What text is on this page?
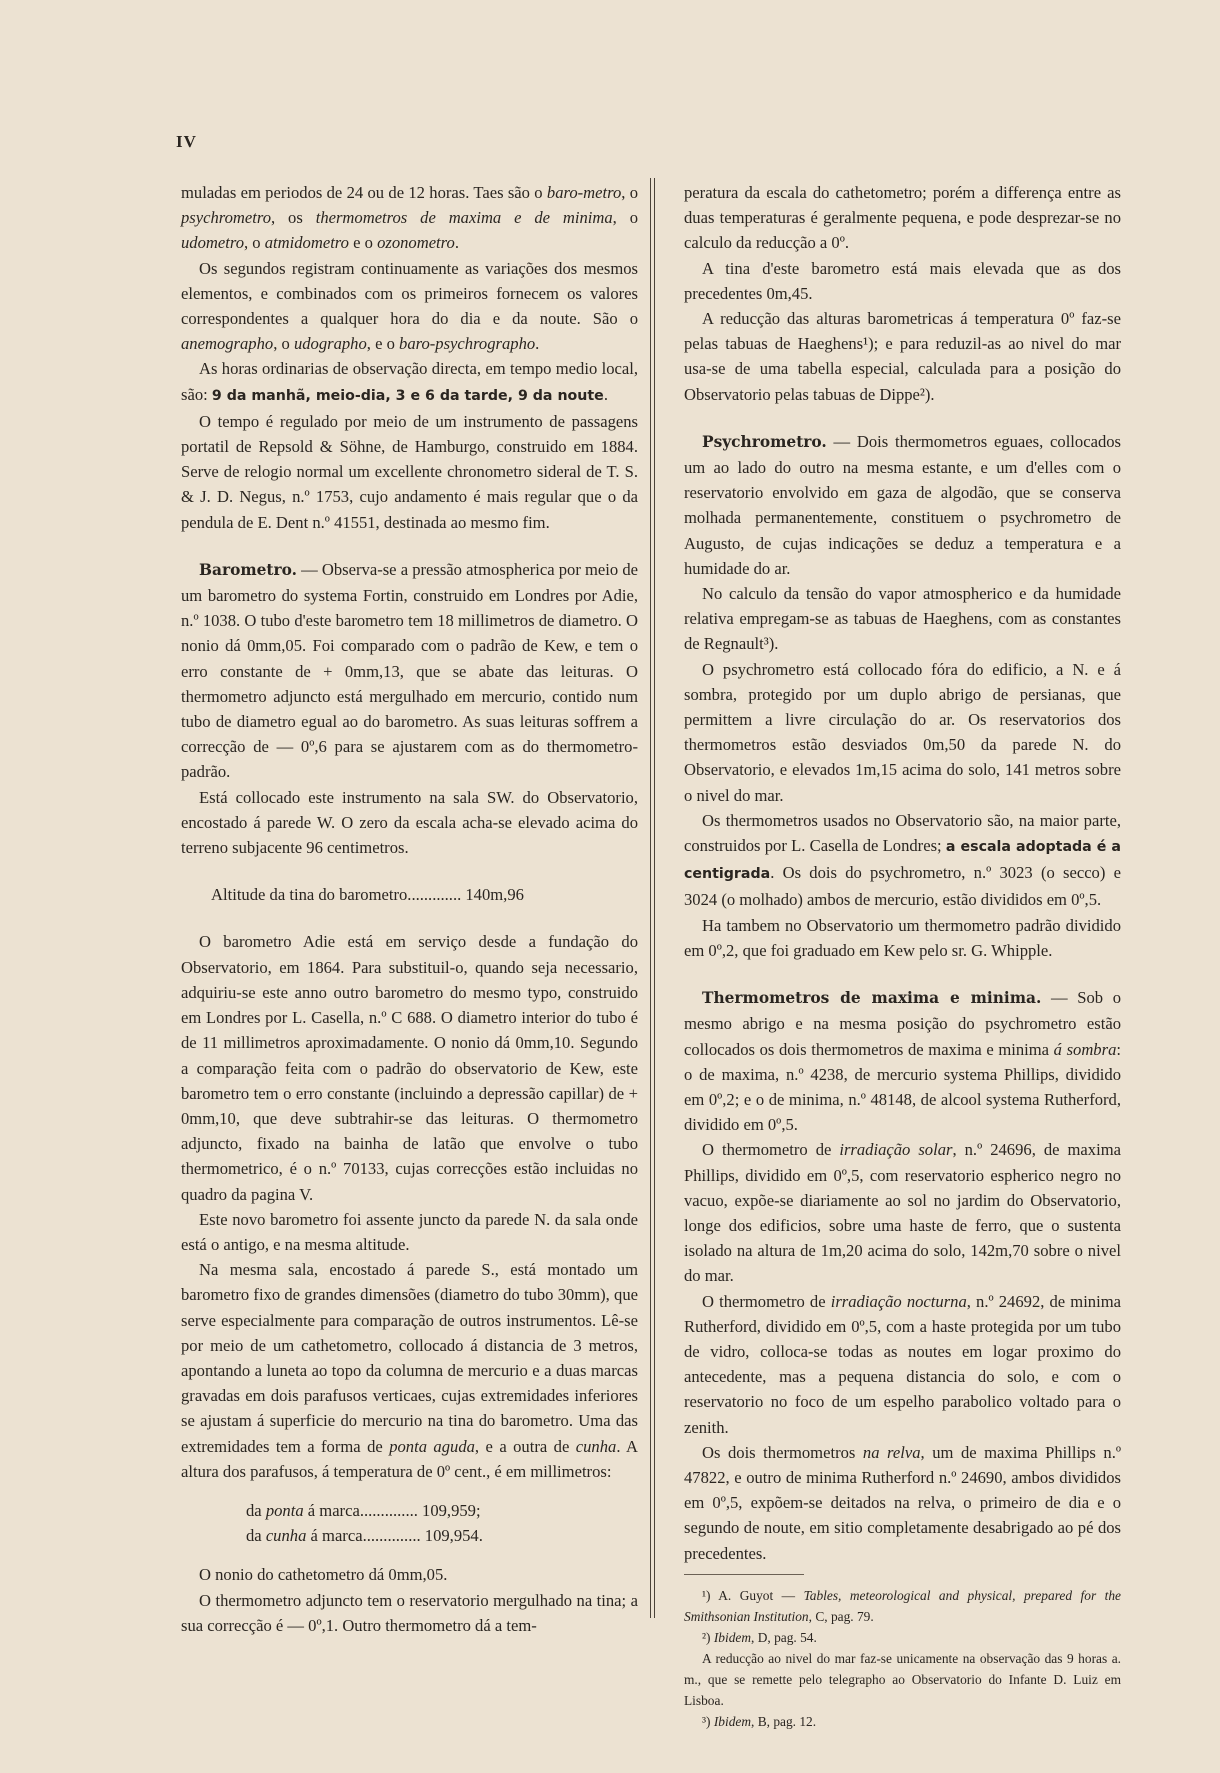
IV

muladas em periodos de 24 ou de 12 horas. Taes são o baro-metro, o psychrometro, os thermometros de maxima e de minima, o udometro, o atmidometro e o ozonometro.

Os segundos registram continuamente as variações dos mesmos elementos, e combinados com os primeiros fornecem os valores correspondentes a qualquer hora do dia e da noute. São o anemographo, o udographo, e o baro-psychrographo.

As horas ordinarias de observação directa, em tempo medio local, são: 9 da manhã, meio-dia, 3 e 6 da tarde, 9 da noute.

O tempo é regulado por meio de um instrumento de passagens portatil de Repsold & Söhne, de Hamburgo, construido em 1884. Serve de relogio normal um excellente chronometro sideral de T. S. & J. D. Negus, n.º 1753, cujo andamento é mais regular que o da pendula de E. Dent n.º 41551, destinada ao mesmo fim.

Barometro. — Observa-se a pressão atmospherica por meio de um barometro do systema Fortin, construido em Londres por Adie, n.º 1038. O tubo d'este barometro tem 18 millimetros de diametro. O nonio dá 0mm,05. Foi comparado com o padrão de Kew, e tem o erro constante de + 0mm,13, que se abate das leituras. O thermometro adjuncto está mergulhado em mercurio, contido num tubo de diametro egual ao do barometro. As suas leituras soffrem a correcção de — 0º,6 para se ajustarem com as do thermometro-padrão.

Está collocado este instrumento na sala SW. do Observatorio, encostado á parede W. O zero da escala acha-se elevado acima do terreno subjacente 96 centimetros.

Altitude da tina do barometro............. 140m,96

O barometro Adie está em serviço desde a fundação do Observatorio, em 1864. Para substituil-o, quando seja necessario, adquiriu-se este anno outro barometro do mesmo typo, construido em Londres por L. Casella, n.º C 688. O diametro interior do tubo é de 11 millimetros aproximadamente. O nonio dá 0mm,10. Segundo a comparação feita com o padrão do observatorio de Kew, este barometro tem o erro constante (incluindo a depressão capillar) de + 0mm,10, que deve subtrahir-se das leituras. O thermometro adjuncto, fixado na bainha de latão que envolve o tubo thermometrico, é o n.º 70133, cujas correcções estão incluidas no quadro da pagina V.

Este novo barometro foi assente juncto da parede N. da sala onde está o antigo, e na mesma altitude.

Na mesma sala, encostado á parede S., está montado um barometro fixo de grandes dimensões (diametro do tubo 30mm), que serve especialmente para comparação de outros instrumentos. Lê-se por meio de um cathetometro, collocado á distancia de 3 metros, apontando a luneta ao topo da columna de mercurio e a duas marcas gravadas em dois parafusos verticaes, cujas extremidades inferiores se ajustam á superficie do mercurio na tina do barometro. Uma das extremidades tem a forma de ponta aguda, e a outra de cunha. A altura dos parafusos, á temperatura de 0º cent., é em millimetros:

da ponta á marca.............. 109,959;

da cunha á marca.............. 109,954.

O nonio do cathetometro dá 0mm,05.

O thermometro adjuncto tem o reservatorio mergulhado na tina; a sua correcção é — 0º,1. Outro thermometro dá a tem-

peratura da escala do cathetometro; porém a differença entre as duas temperaturas é geralmente pequena, e pode desprezar-se no calculo da reducção a 0º.

A tina d'este barometro está mais elevada que as dos precedentes 0m,45.

A reducção das alturas barometricas á temperatura 0º faz-se pelas tabuas de Haeghens¹); e para reduzil-as ao nivel do mar usa-se de uma tabella especial, calculada para a posição do Observatorio pelas tabuas de Dippe²).

Psychrometro. — Dois thermometros eguaes, collocados um ao lado do outro na mesma estante, e um d'elles com o reservatorio envolvido em gaza de algodão, que se conserva molhada permanentemente, constituem o psychrometro de Augusto, de cujas indicações se deduz a temperatura e a humidade do ar.

No calculo da tensão do vapor atmospherico e da humidade relativa empregam-se as tabuas de Haeghens, com as constantes de Regnault³).

O psychrometro está collocado fóra do edificio, a N. e á sombra, protegido por um duplo abrigo de persianas, que permittem a livre circulação do ar. Os reservatorios dos thermometros estão desviados 0m,50 da parede N. do Observatorio, e elevados 1m,15 acima do solo, 141 metros sobre o nivel do mar.

Os thermometros usados no Observatorio são, na maior parte, construidos por L. Casella de Londres; a escala adoptada é a centigrada. Os dois do psychrometro, n.º 3023 (o secco) e 3024 (o molhado) ambos de mercurio, estão divididos em 0º,5.

Ha tambem no Observatorio um thermometro padrão dividido em 0º,2, que foi graduado em Kew pelo sr. G. Whipple.

Thermometros de maxima e minima. — Sob o mesmo abrigo e na mesma posição do psychrometro estão collocados os dois thermometros de maxima e minima á sombra: o de maxima, n.º 4238, de mercurio systema Phillips, dividido em 0º,2; e o de minima, n.º 48148, de alcool systema Rutherford, dividido em 0º,5.

O thermometro de irradiação solar, n.º 24696, de maxima Phillips, dividido em 0º,5, com reservatorio espherico negro no vacuo, expõe-se diariamente ao sol no jardim do Observatorio, longe dos edificios, sobre uma haste de ferro, que o sustenta isolado na altura de 1m,20 acima do solo, 142m,70 sobre o nivel do mar.

O thermometro de irradiação nocturna, n.º 24692, de minima Rutherford, dividido em 0º,5, com a haste protegida por um tubo de vidro, colloca-se todas as noutes em logar proximo do antecedente, mas a pequena distancia do solo, e com o reservatorio no foco de um espelho parabolico voltado para o zenith.

Os dois thermometros na relva, um de maxima Phillips n.º 47822, e outro de minima Rutherford n.º 24690, ambos divididos em 0º,5, expõem-se deitados na relva, o primeiro de dia e o segundo de noute, em sitio completamente desabrigado ao pé dos precedentes.

¹) A. Guyot — Tables, meteorological and physical, prepared for the Smithsonian Institution, C, pag. 79.

²) Ibidem, D, pag. 54.

A reducção ao nivel do mar faz-se unicamente na observação das 9 horas a. m., que se remette pelo telegrapho ao Observatorio do Infante D. Luiz em Lisboa.

³) Ibidem, B, pag. 12.
